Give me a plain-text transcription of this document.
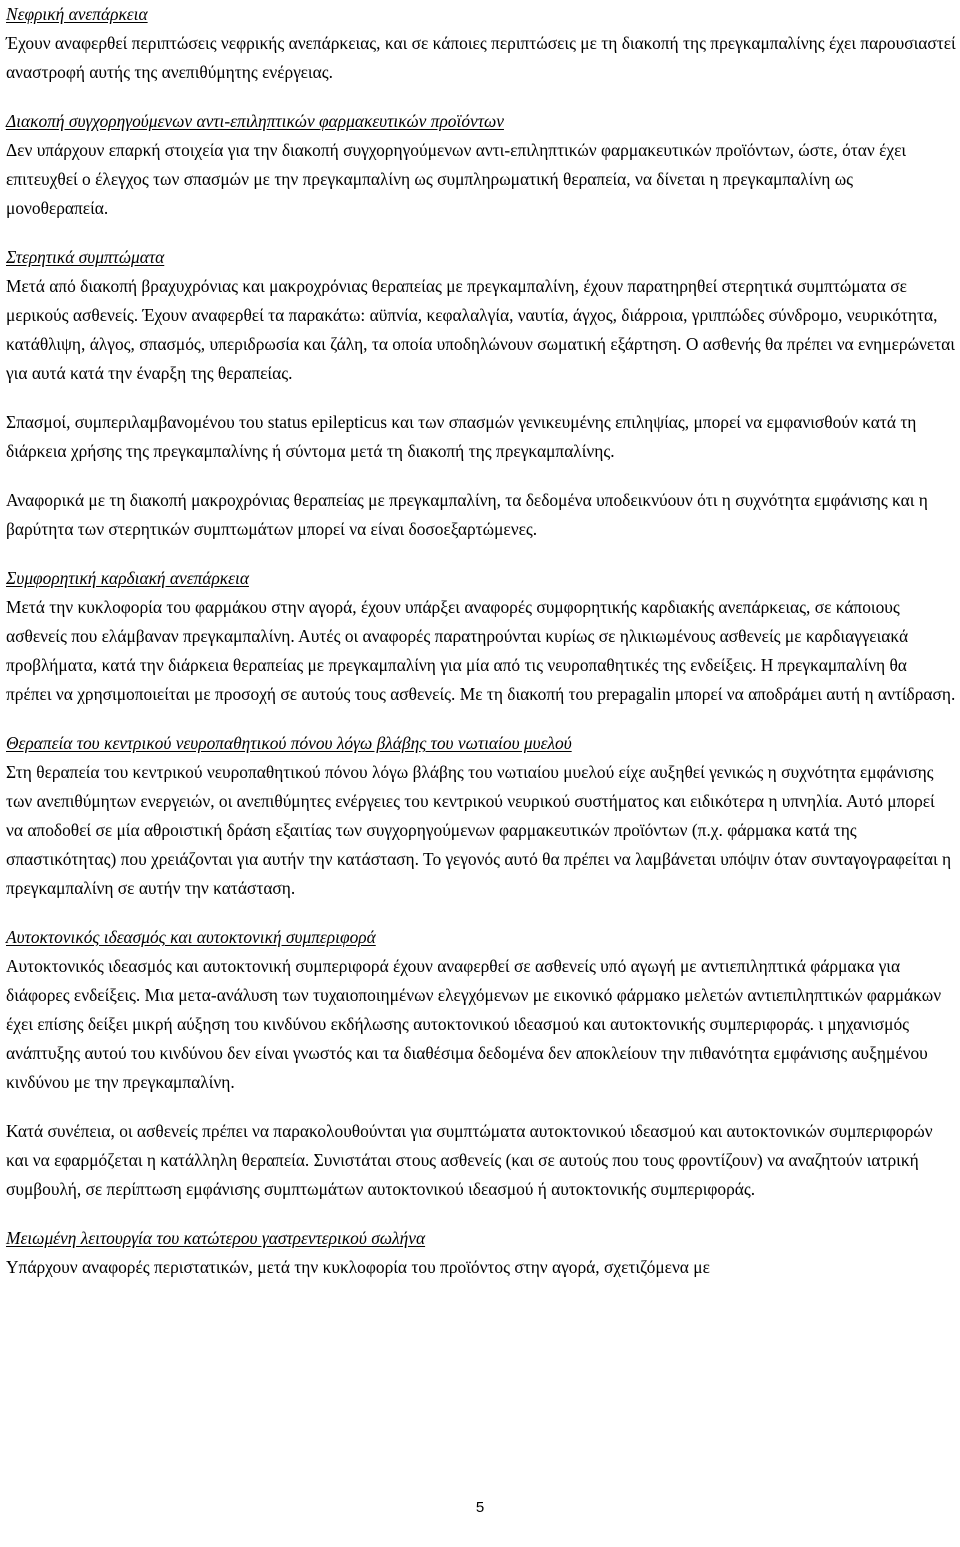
Νεφρική ανεπάρκεια

Έχουν αναφερθεί περιπτώσεις νεφρικής ανεπάρκειας, και σε κάποιες περιπτώσεις με τη διακοπή της πρεγκαμπαλίνης έχει παρουσιαστεί αναστροφή αυτής της ανεπιθύμητης ενέργειας.

Διακοπή συγχορηγούμενων αντι-επιληπτικών φαρμακευτικών προϊόντων

Δεν υπάρχουν επαρκή στοιχεία για την διακοπή συγχορηγούμενων αντι-επιληπτικών φαρμακευτικών προϊόντων, ώστε, όταν έχει επιτευχθεί ο έλεγχος των σπασμών με την πρεγκαμπαλίνη ως συμπληρωματική θεραπεία, να δίνεται η πρεγκαμπαλίνη ως μονοθεραπεία.

Στερητικά συμπτώματα

Μετά από διακοπή βραχυχρόνιας και μακροχρόνιας θεραπείας με πρεγκαμπαλίνη, έχουν παρατηρηθεί στερητικά συμπτώματα σε μερικούς ασθενείς. Έχουν αναφερθεί τα παρακάτω: αϋπνία, κεφαλαλγία, ναυτία, άγχος, διάρροια, γριππώδες σύνδρομο, νευρικότητα, κατάθλιψη, άλγος, σπασμός, υπεριδρωσία και ζάλη, τα οποία υποδηλώνουν σωματική εξάρτηση. Ο ασθενής θα πρέπει να ενημερώνεται για αυτά κατά την έναρξη της θεραπείας.

Σπασμοί, συμπεριλαμβανομένου του status epilepticus και των σπασμών γενικευμένης επιληψίας, μπορεί να εμφανισθούν κατά τη διάρκεια χρήσης της πρεγκαμπαλίνης ή σύντομα μετά τη διακοπή της πρεγκαμπαλίνης.

Αναφορικά με τη διακοπή μακροχρόνιας θεραπείας με πρεγκαμπαλίνη, τα δεδομένα υποδεικνύουν ότι η συχνότητα εμφάνισης και η βαρύτητα των στερητικών συμπτωμάτων μπορεί να είναι δοσοεξαρτώμενες.

Συμφορητική καρδιακή ανεπάρκεια

Μετά την κυκλοφορία του φαρμάκου στην αγορά, έχουν υπάρξει αναφορές συμφορητικής καρδιακής ανεπάρκειας, σε κάποιους ασθενείς που ελάμβαναν πρεγκαμπαλίνη. Αυτές οι αναφορές παρατηρούνται κυρίως σε ηλικιωμένους ασθενείς με καρδιαγγειακά προβλήματα, κατά την διάρκεια θεραπείας με πρεγκαμπαλίνη για μία από τις νευροπαθητικές της ενδείξεις. Η πρεγκαμπαλίνη θα πρέπει να χρησιμοποιείται με προσοχή σε αυτούς τους ασθενείς. Με τη διακοπή του prepagalin μπορεί να αποδράμει αυτή η αντίδραση.

Θεραπεία του κεντρικού νευροπαθητικού πόνου λόγω βλάβης του νωτιαίου μυελού

Στη θεραπεία του κεντρικού νευροπαθητικού πόνου λόγω βλάβης του νωτιαίου μυελού είχε αυξηθεί γενικώς η συχνότητα εμφάνισης των ανεπιθύμητων ενεργειών, οι ανεπιθύμητες ενέργειες του κεντρικού νευρικού συστήματος και ειδικότερα η υπνηλία. Αυτό μπορεί να αποδοθεί σε μία αθροιστική δράση εξαιτίας των συγχορηγούμενων φαρμακευτικών προϊόντων (π.χ. φάρμακα κατά της σπαστικότητας) που χρειάζονται για αυτήν την κατάσταση. Το γεγονός αυτό θα πρέπει να λαμβάνεται υπόψιν όταν συνταγογραφείται η πρεγκαμπαλίνη σε αυτήν την κατάσταση.

Αυτοκτονικός ιδεασμός και αυτοκτονική συμπεριφορά

Αυτοκτονικός ιδεασμός και αυτοκτονική συμπεριφορά έχουν αναφερθεί σε ασθενείς υπό αγωγή με αντιεπιληπτικά φάρμακα για διάφορες ενδείξεις. Μια μετα-ανάλυση των τυχαιοποιημένων ελεγχόμενων με εικονικό φάρμακο μελετών αντιεπιληπτικών φαρμάκων έχει επίσης δείξει μικρή αύξηση του κινδύνου εκδήλωσης αυτοκτονικού ιδεασμού και αυτοκτονικής συμπεριφοράς. ι μηχανισμός ανάπτυξης αυτού του κινδύνου δεν είναι γνωστός και τα διαθέσιμα δεδομένα δεν αποκλείουν την πιθανότητα εμφάνισης αυξημένου κινδύνου με την πρεγκαμπαλίνη.

Κατά συνέπεια, οι ασθενείς πρέπει να παρακολουθούνται για συμπτώματα αυτοκτονικού ιδεασμού και αυτοκτονικών συμπεριφορών και να εφαρμόζεται η κατάλληλη θεραπεία. Συνιστάται στους ασθενείς (και σε αυτούς που τους φροντίζουν) να αναζητούν ιατρική συμβουλή, σε περίπτωση εμφάνισης συμπτωμάτων αυτοκτονικού ιδεασμού ή αυτοκτονικής συμπεριφοράς.

Μειωμένη λειτουργία του κατώτερου γαστρεντερικού σωλήνα

Υπάρχουν αναφορές περιστατικών, μετά την κυκλοφορία του προϊόντος στην αγορά, σχετιζόμενα με

5
